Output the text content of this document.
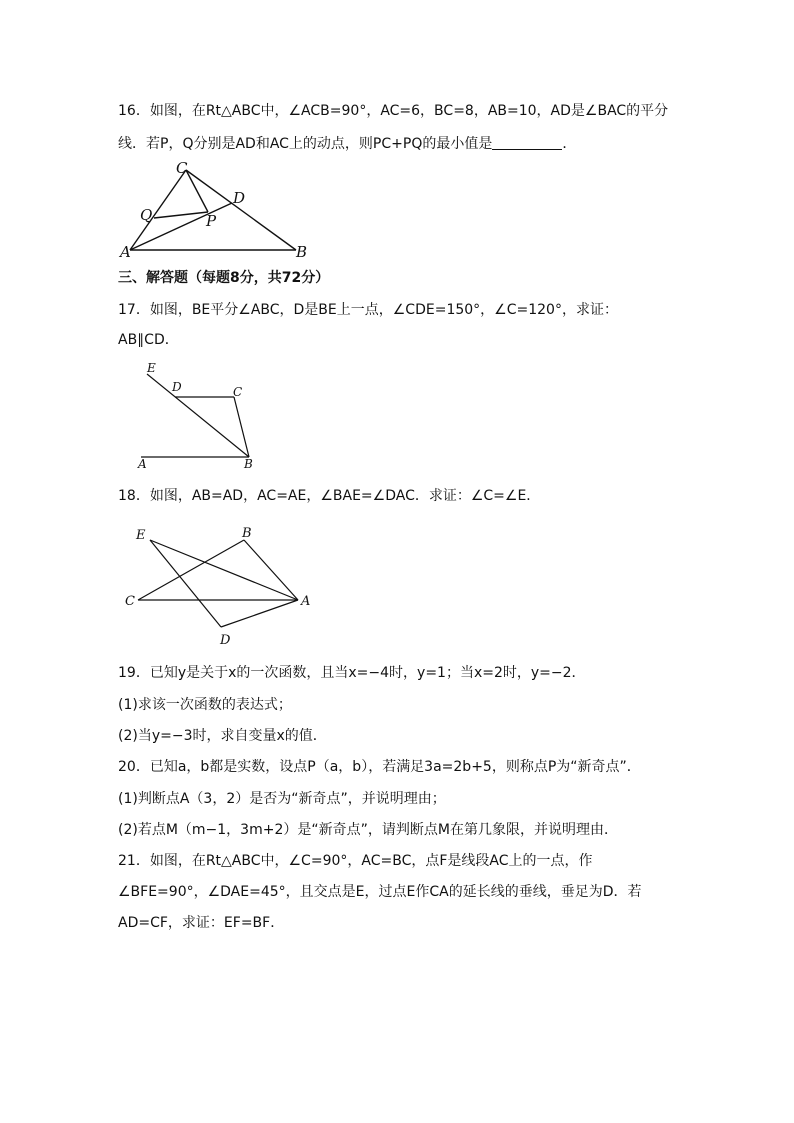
16．如图，在Rt△ABC中，∠ACB=90°，AC=6，BC=8，AB=10，AD是∠BAC的平分
线．若P，Q分别是AD和AC上的动点，则PC+PQ的最小值是	．
C
D
Q	P
A	B
三、解答题（每题8分，共72分）
17．如图，BE平分∠ABC，D是BE上一点，∠CDE=150°，∠C=120°，求证：
AB∥CD．
E
D	C
A	B
18．如图，AB=AD，AC=AE，∠BAE=∠DAC．求证：∠C=∠E．
E	B
C	A
D
19．已知y是关于x的一次函数，且当x=−4时，y=1；当x=2时，y=−2．
(1)求该一次函数的表达式；
(2)当y=−3时，求自变量x的值．
20．已知a，b都是实数，设点P（a，b），若满足3a=2b+5，则称点P为“新奇点”．
(1)判断点A（3，2）是否为“新奇点”，并说明理由；
(2)若点M（m−1，3m+2）是“新奇点”，请判断点M在第几象限，并说明理由．
21．如图，在Rt△ABC中，∠C=90°，AC=BC，点F是线段AC上的一点，作
∠BFE=90°，∠DAE=45°，且交点是E，过点E作CA的延长线的垂线，垂足为D．若
AD=CF，求证：EF=BF．
